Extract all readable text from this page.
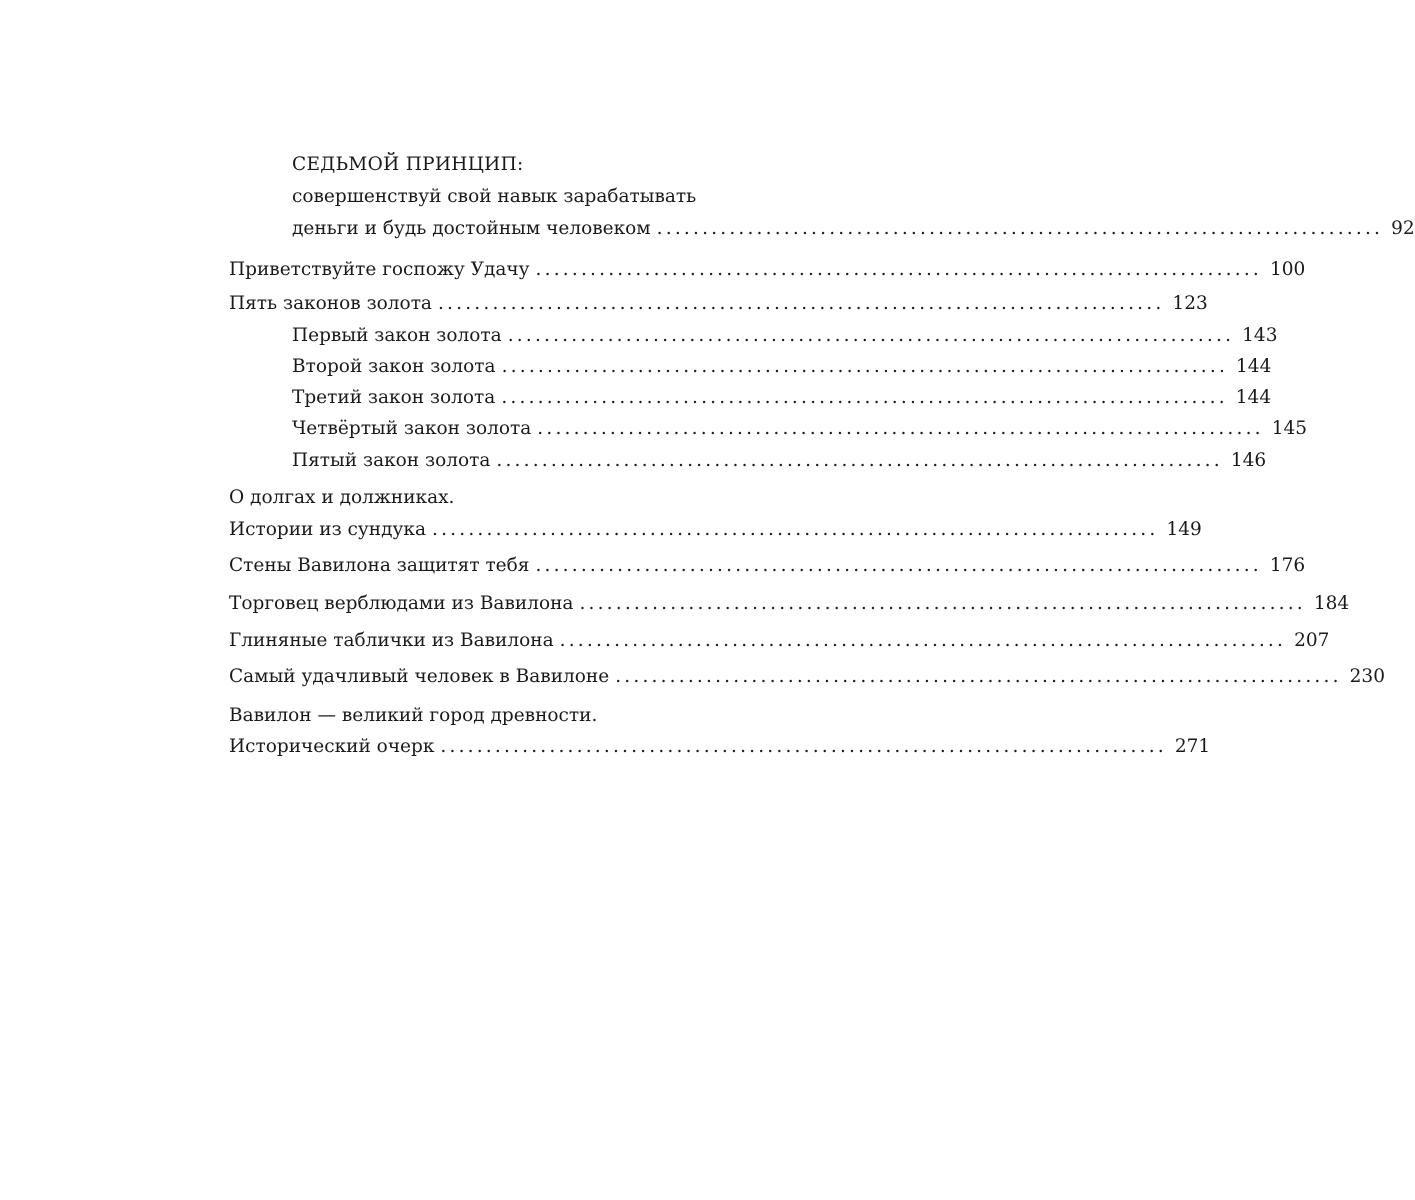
СЕДЬМОЙ ПРИНЦИП:
совершенствуй свой навык зарабатывать
деньги и будь достойным человеком ................................................................................ 92
Приветствуйте госпожу Удачу ................................................................................ 100
Пять законов золота ................................................................................ 123
Первый закон золота ................................................................................ 143
Второй закон золота ................................................................................ 144
Третий закон золота ................................................................................ 144
Четвёртый закон золота ................................................................................ 145
Пятый закон золота ................................................................................ 146
О долгах и должниках.
Истории из сундука ................................................................................ 149
Стены Вавилона защитят тебя ................................................................................ 176
Торговец верблюдами из Вавилона ................................................................................ 184
Глиняные таблички из Вавилона ................................................................................ 207
Самый удачливый человек в Вавилоне ................................................................................ 230
Вавилон — великий город древности.
Исторический очерк ................................................................................ 271
